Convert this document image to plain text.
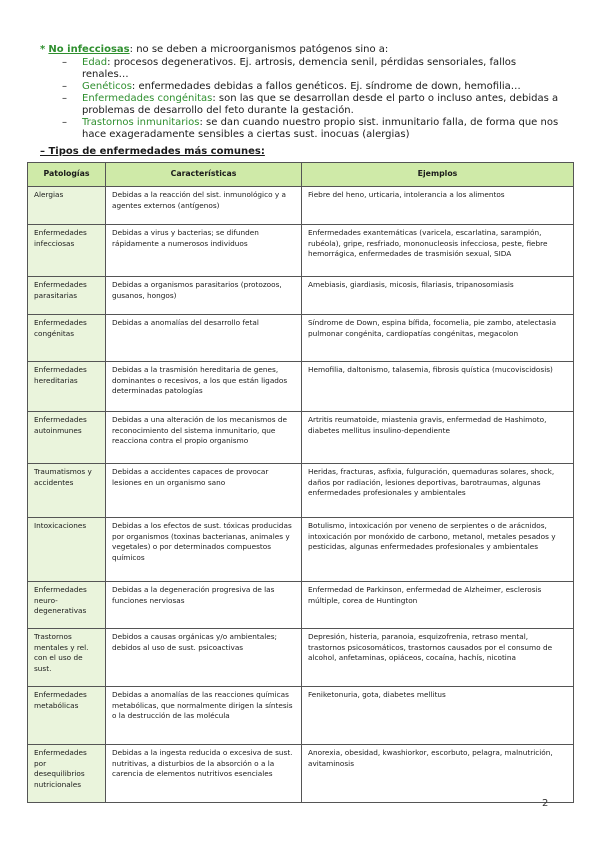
* No infecciosas: no se deben a microorganismos patógenos sino a:
– Edad: procesos degenerativos. Ej. artrosis, demencia senil, pérdidas sensoriales, fallos renales…
– Genéticos: enfermedades debidas a fallos genéticos. Ej. síndrome de down, hemofilia…
– Enfermedades congénitas: son las que se desarrollan desde el parto o incluso antes, debidas a problemas de desarrollo del feto durante la gestación.
– Trastornos inmunitarios: se dan cuando nuestro propio sist. inmunitario falla, de forma que nos hace exageradamente sensibles a ciertas sust. inocuas (alergias)
– Tipos de enfermedades más comunes:
Patologías	Características	Ejemplos
Alergias	Debidas a la reacción del sist. inmunológico y a agentes externos (antígenos)	Fiebre del heno, urticaria, intolerancia a los alimentos
Enfermedades infecciosas	Debidas a virus y bacterias; se difunden rápidamente a numerosos individuos	Enfermedades exantemáticas (varicela, escarlatina, sarampión, rubéola), gripe, resfriado, mononucleosis infecciosa, peste, fiebre hemorrágica, enfermedades de trasmisión sexual, SIDA
Enfermedades parasitarias	Debidas a organismos parasitarios (protozoos, gusanos, hongos)	Amebiasis, giardiasis, micosis, filariasis, tripanosomiasis
Enfermedades congénitas	Debidas a anomalías del desarrollo fetal	Síndrome de Down, espina bífida, focomelia, pie zambo, atelectasia pulmonar congénita, cardiopatías congénitas, megacolon
Enfermedades hereditarias	Debidas a la trasmisión hereditaria de genes, dominantes o recesivos, a los que están ligados determinadas patologías	Hemofilia, daltonismo, talasemia, fibrosis quística (mucoviscidosis)
Enfermedades autoinmunes	Debidas a una alteración de los mecanismos de reconocimiento del sistema inmunitario, que reacciona contra el propio organismo	Artritis reumatoide, miastenia gravis, enfermedad de Hashimoto, diabetes mellitus insulino-dependiente
Traumatismos y accidentes	Debidas a accidentes capaces de provocar lesiones en un organismo sano	Heridas, fracturas, asfixia, fulguración, quemaduras solares, shock, daños por radiación, lesiones deportivas, barotraumas, algunas enfermedades profesionales y ambientales
Intoxicaciones	Debidas a los efectos de sust. tóxicas producidas por organismos (toxinas bacterianas, animales y vegetales) o por determinados compuestos químicos	Botulismo, intoxicación por veneno de serpientes o de arácnidos, intoxicación por monóxido de carbono, metanol, metales pesados y pesticidas, algunas enfermedades profesionales y ambientales
Enfermedades neuro-degenerativas	Debidas a la degeneración progresiva de las funciones nerviosas	Enfermedad de Parkinson, enfermedad de Alzheimer, esclerosis múltiple, corea de Huntington
Trastornos mentales y rel. con el uso de sust.	Debidos a causas orgánicas y/o ambientales; debidos al uso de sust. psicoactivas	Depresión, histeria, paranoia, esquizofrenia, retraso mental, trastornos psicosomáticos, trastornos causados por el consumo de alcohol, anfetaminas, opiáceos, cocaína, hachís, nicotina
Enfermedades metabólicas	Debidas a anomalías de las reacciones químicas metabólicas, que normalmente dirigen la síntesis o la destrucción de las molécula	Feniketonuria, gota, diabetes mellitus
Enfermedades por desequilibrios nutricionales	Debidas a la ingesta reducida o excesiva de sust. nutritivas, a disturbios de la absorción o a la carencia de elementos nutritivos esenciales	Anorexia, obesidad, kwashiorkor, escorbuto, pelagra, malnutrición, avitaminosis
2
